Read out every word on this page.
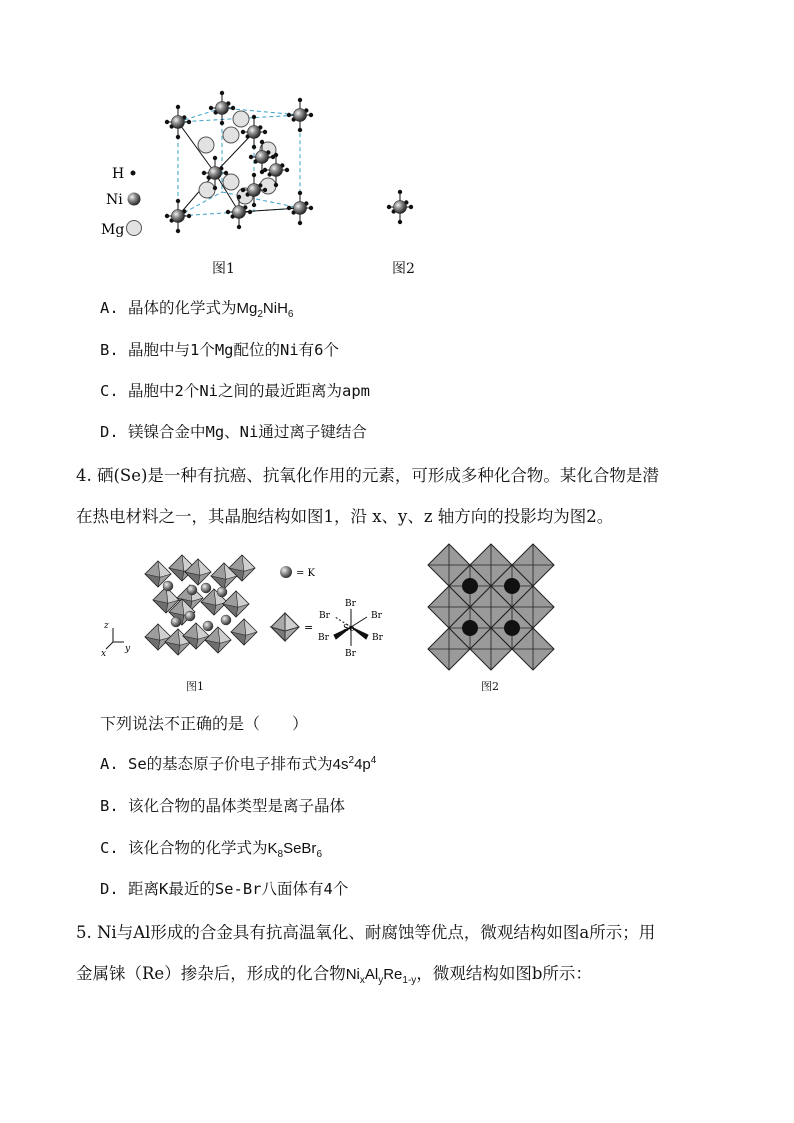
H
Ni
Mg
图1	图2
A. 晶体的化学式为$Mg_2NiH_6$
B. 晶胞中与1个Mg配位的Ni有6个
C. 晶胞中2个Ni之间的最近距离为apm
D. 镁镍合金中Mg、Ni通过离子键结合
4. 硒(Se)是一种有抗癌、抗氧化作用的元素，可形成多种化合物。某化合物是潜
在热电材料之一，其晶胞结构如图1，沿 x、y、z 轴方向的投影均为图2。
z
y
x
= K
=
Br
Br	Br
Se
Br	Br
Br
图1	图2
下列说法不正确的是（　　）
A. Se的基态原子价电子排布式为$4s^24p^4$
B. 该化合物的晶体类型是离子晶体
C. 该化合物的化学式为$K_8SeBr_6$
D. 距离K最近的Se-Br八面体有4个
5. Ni与Al形成的合金具有抗高温氧化、耐腐蚀等优点，微观结构如图a所示；用
金属铼（Re）掺杂后，形成的化合物$Ni_xAl_yRe_{1-y}$，微观结构如图b所示：
